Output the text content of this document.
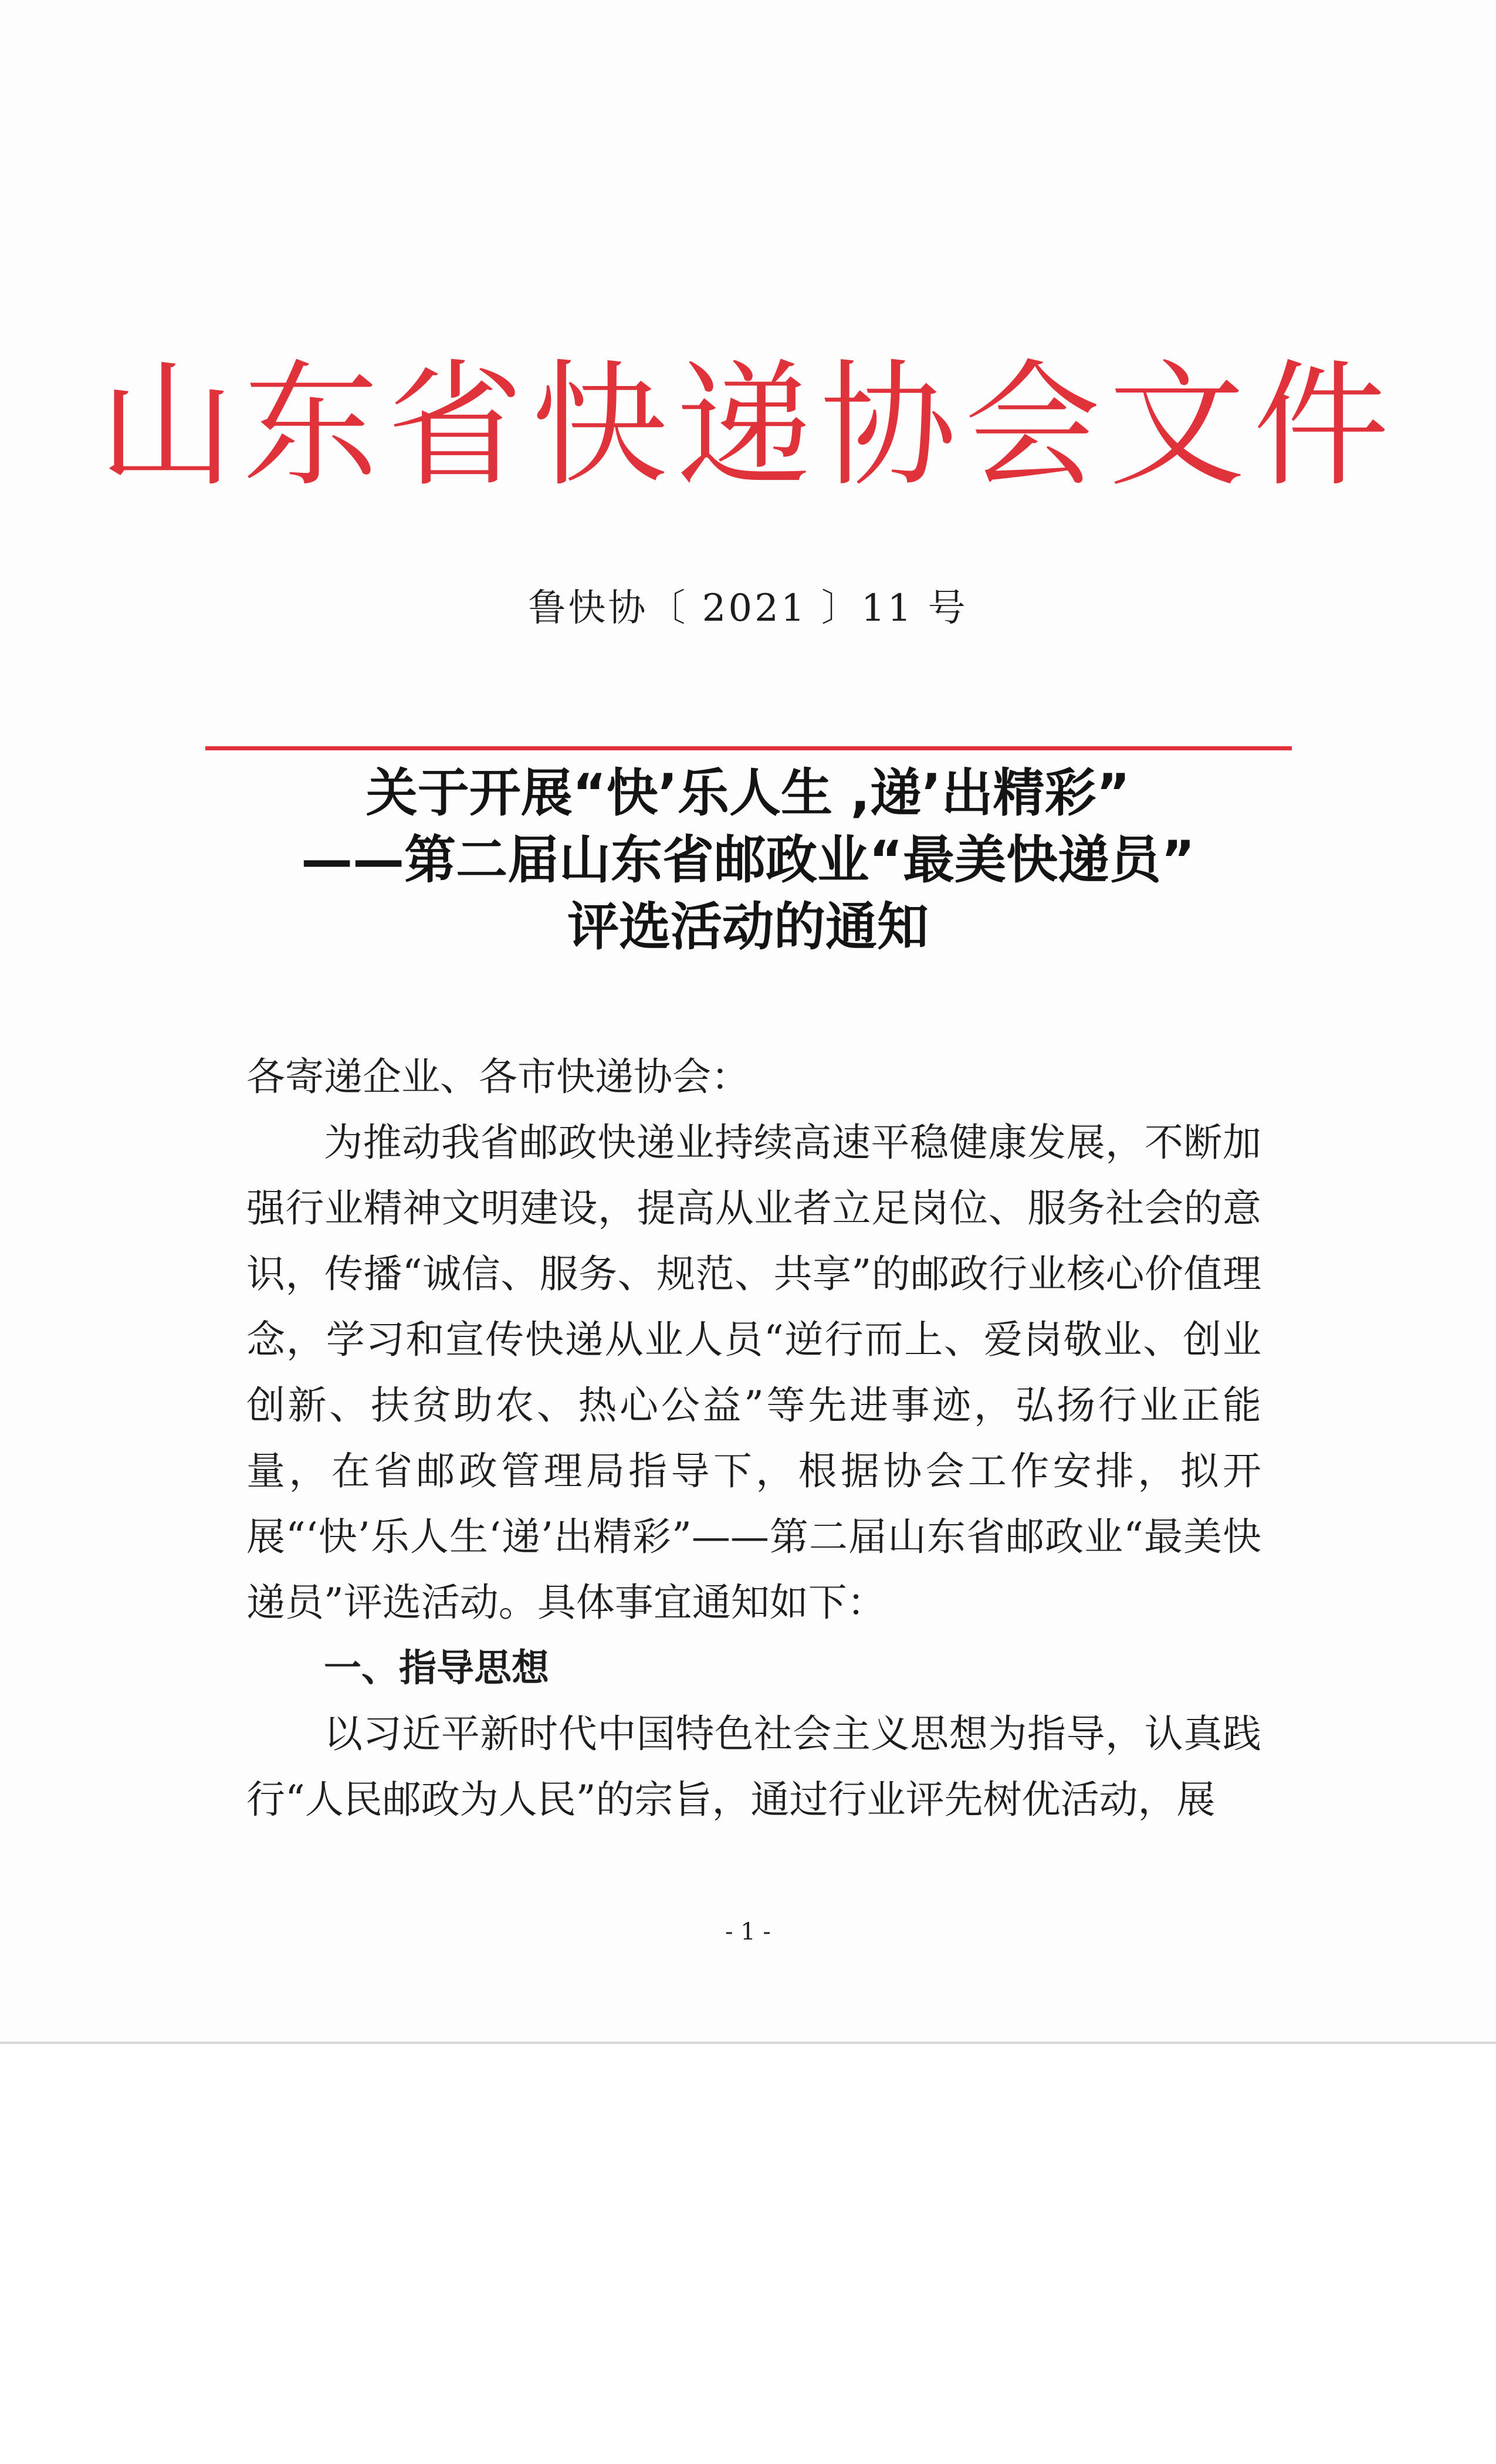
山东省快递协会文件
鲁快协〔 2021 〕11 号
关于开展“快’乐人生 ,递’出精彩”
——第二届山东省邮政业“最美快递员”
评选活动的通知

各寄递企业、各市快递协会：

为推动我省邮政快递业持续高速平稳健康发展，不断加强行业精神文明建设，提高从业者立足岗位、服务社会的意识，传播“诚信、服务、规范、共享”的邮政行业核心价值理念，学习和宣传快递从业人员“逆行而上、爱岗敬业、创业创新、扶贫助农、热心公益”等先进事迹，弘扬行业正能量，在省邮政管理局指导下，根据协会工作安排，拟开展“‘快’乐人生‘递’出精彩”——第二届山东省邮政业“最美快递员”评选活动。具体事宜通知如下：

一、指导思想

以习近平新时代中国特色社会主义思想为指导，认真践行“人民邮政为人民”的宗旨，通过行业评先树优活动，展

- 1 -
